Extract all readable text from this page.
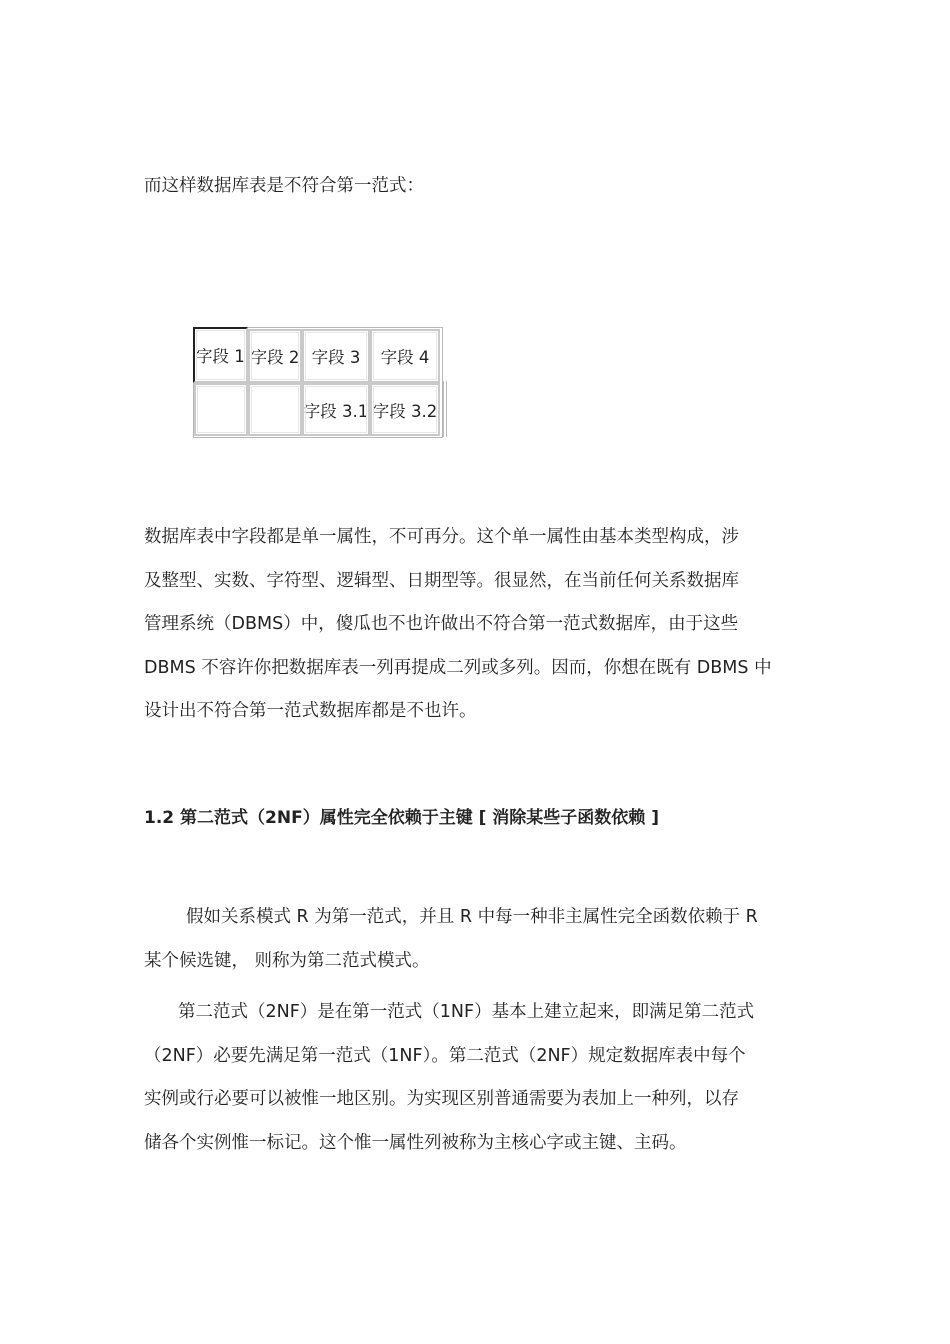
而这样数据库表是不符合第一范式：
字段 1 字段 2 字段 3	字段 4
字段 3.1 字段 3.2
数据库表中字段都是单一属性，不可再分。这个单一属性由基本类型构成，涉
及整型、实数、字符型、逻辑型、日期型等。很显然，在当前任何关系数据库
管理系统（DBMS）中，傻瓜也不也许做出不符合第一范式数据库，由于这些
DBMS 不容许你把数据库表一列再提成二列或多列。因而，你想在既有 DBMS 中
设计出不符合第一范式数据库都是不也许。
1.2 第二范式（2NF）属性完全依赖于主键 [ 消除某些子函数依赖 ]
假如关系模式 R 为第一范式，并且 R 中每一种非主属性完全函数依赖于 R
某个候选键， 则称为第二范式模式。
第二范式（2NF）是在第一范式（1NF）基本上建立起来，即满足第二范式
（2NF）必要先满足第一范式（1NF）。第二范式（2NF）规定数据库表中每个
实例或行必要可以被惟一地区别。为实现区别普通需要为表加上一种列，以存
储各个实例惟一标记。这个惟一属性列被称为主核心字或主键、主码。
